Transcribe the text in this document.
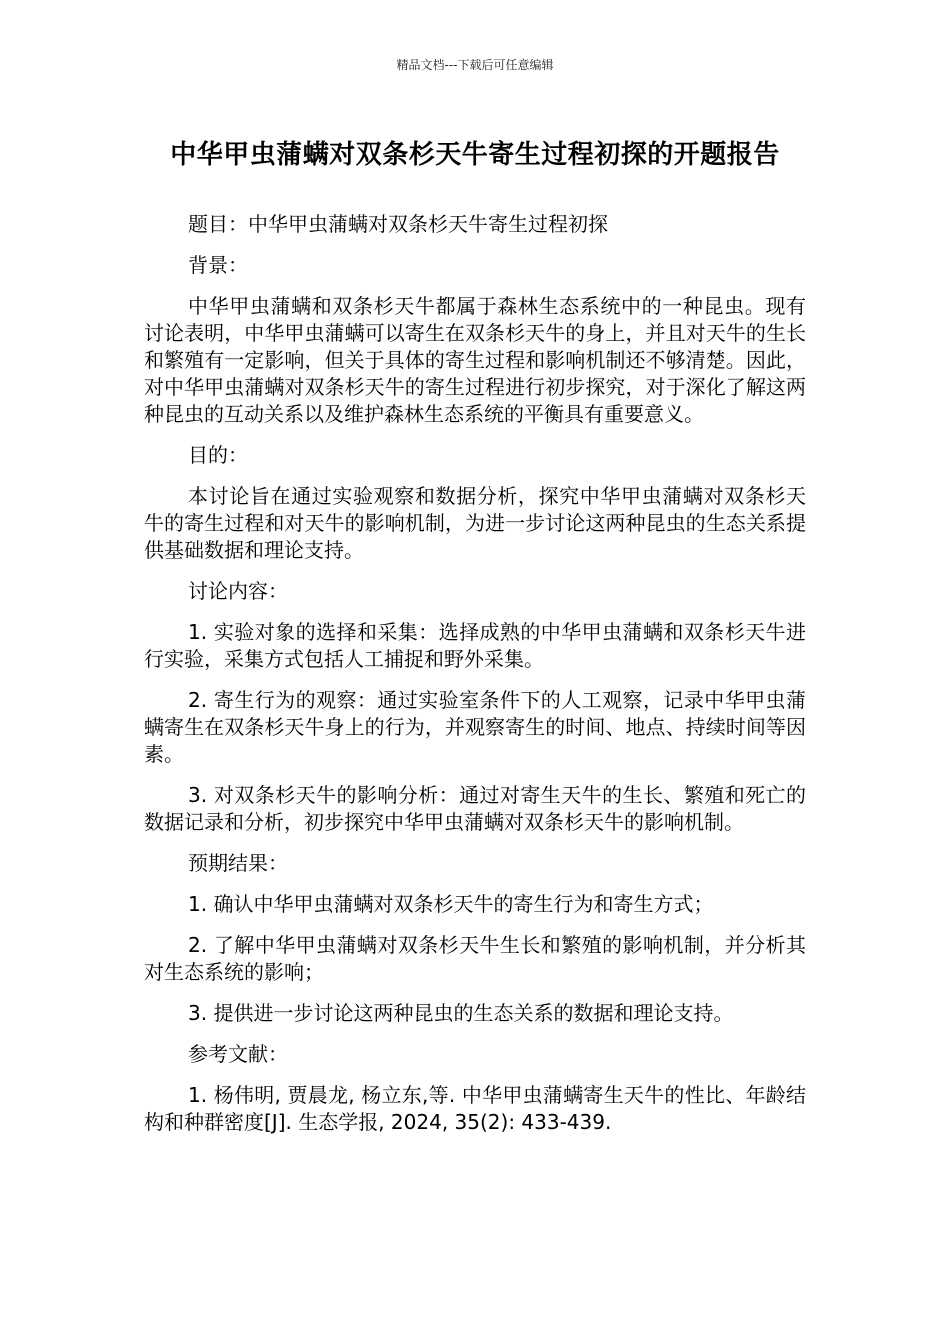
精品文档---下载后可任意编辑
中华甲虫蒲螨对双条杉天牛寄生过程初探的开题报告

题目：中华甲虫蒲螨对双条杉天牛寄生过程初探

背景：

中华甲虫蒲螨和双条杉天牛都属于森林生态系统中的一种昆虫。现有讨论表明，中华甲虫蒲螨可以寄生在双条杉天牛的身上，并且对天牛的生长和繁殖有一定影响，但关于具体的寄生过程和影响机制还不够清楚。因此，对中华甲虫蒲螨对双条杉天牛的寄生过程进行初步探究，对于深化了解这两种昆虫的互动关系以及维护森林生态系统的平衡具有重要意义。

目的：

本讨论旨在通过实验观察和数据分析，探究中华甲虫蒲螨对双条杉天牛的寄生过程和对天牛的影响机制，为进一步讨论这两种昆虫的生态关系提供基础数据和理论支持。

讨论内容：

1. 实验对象的选择和采集：选择成熟的中华甲虫蒲螨和双条杉天牛进行实验，采集方式包括人工捕捉和野外采集。

2. 寄生行为的观察：通过实验室条件下的人工观察，记录中华甲虫蒲螨寄生在双条杉天牛身上的行为，并观察寄生的时间、地点、持续时间等因素。

3. 对双条杉天牛的影响分析：通过对寄生天牛的生长、繁殖和死亡的数据记录和分析，初步探究中华甲虫蒲螨对双条杉天牛的影响机制。

预期结果：

1. 确认中华甲虫蒲螨对双条杉天牛的寄生行为和寄生方式；

2. 了解中华甲虫蒲螨对双条杉天牛生长和繁殖的影响机制，并分析其对生态系统的影响；

3. 提供进一步讨论这两种昆虫的生态关系的数据和理论支持。

参考文献：

1. 杨伟明, 贾晨龙, 杨立东,等. 中华甲虫蒲螨寄生天牛的性比、年龄结构和种群密度[J]. 生态学报, 2024, 35(2): 433-439.
